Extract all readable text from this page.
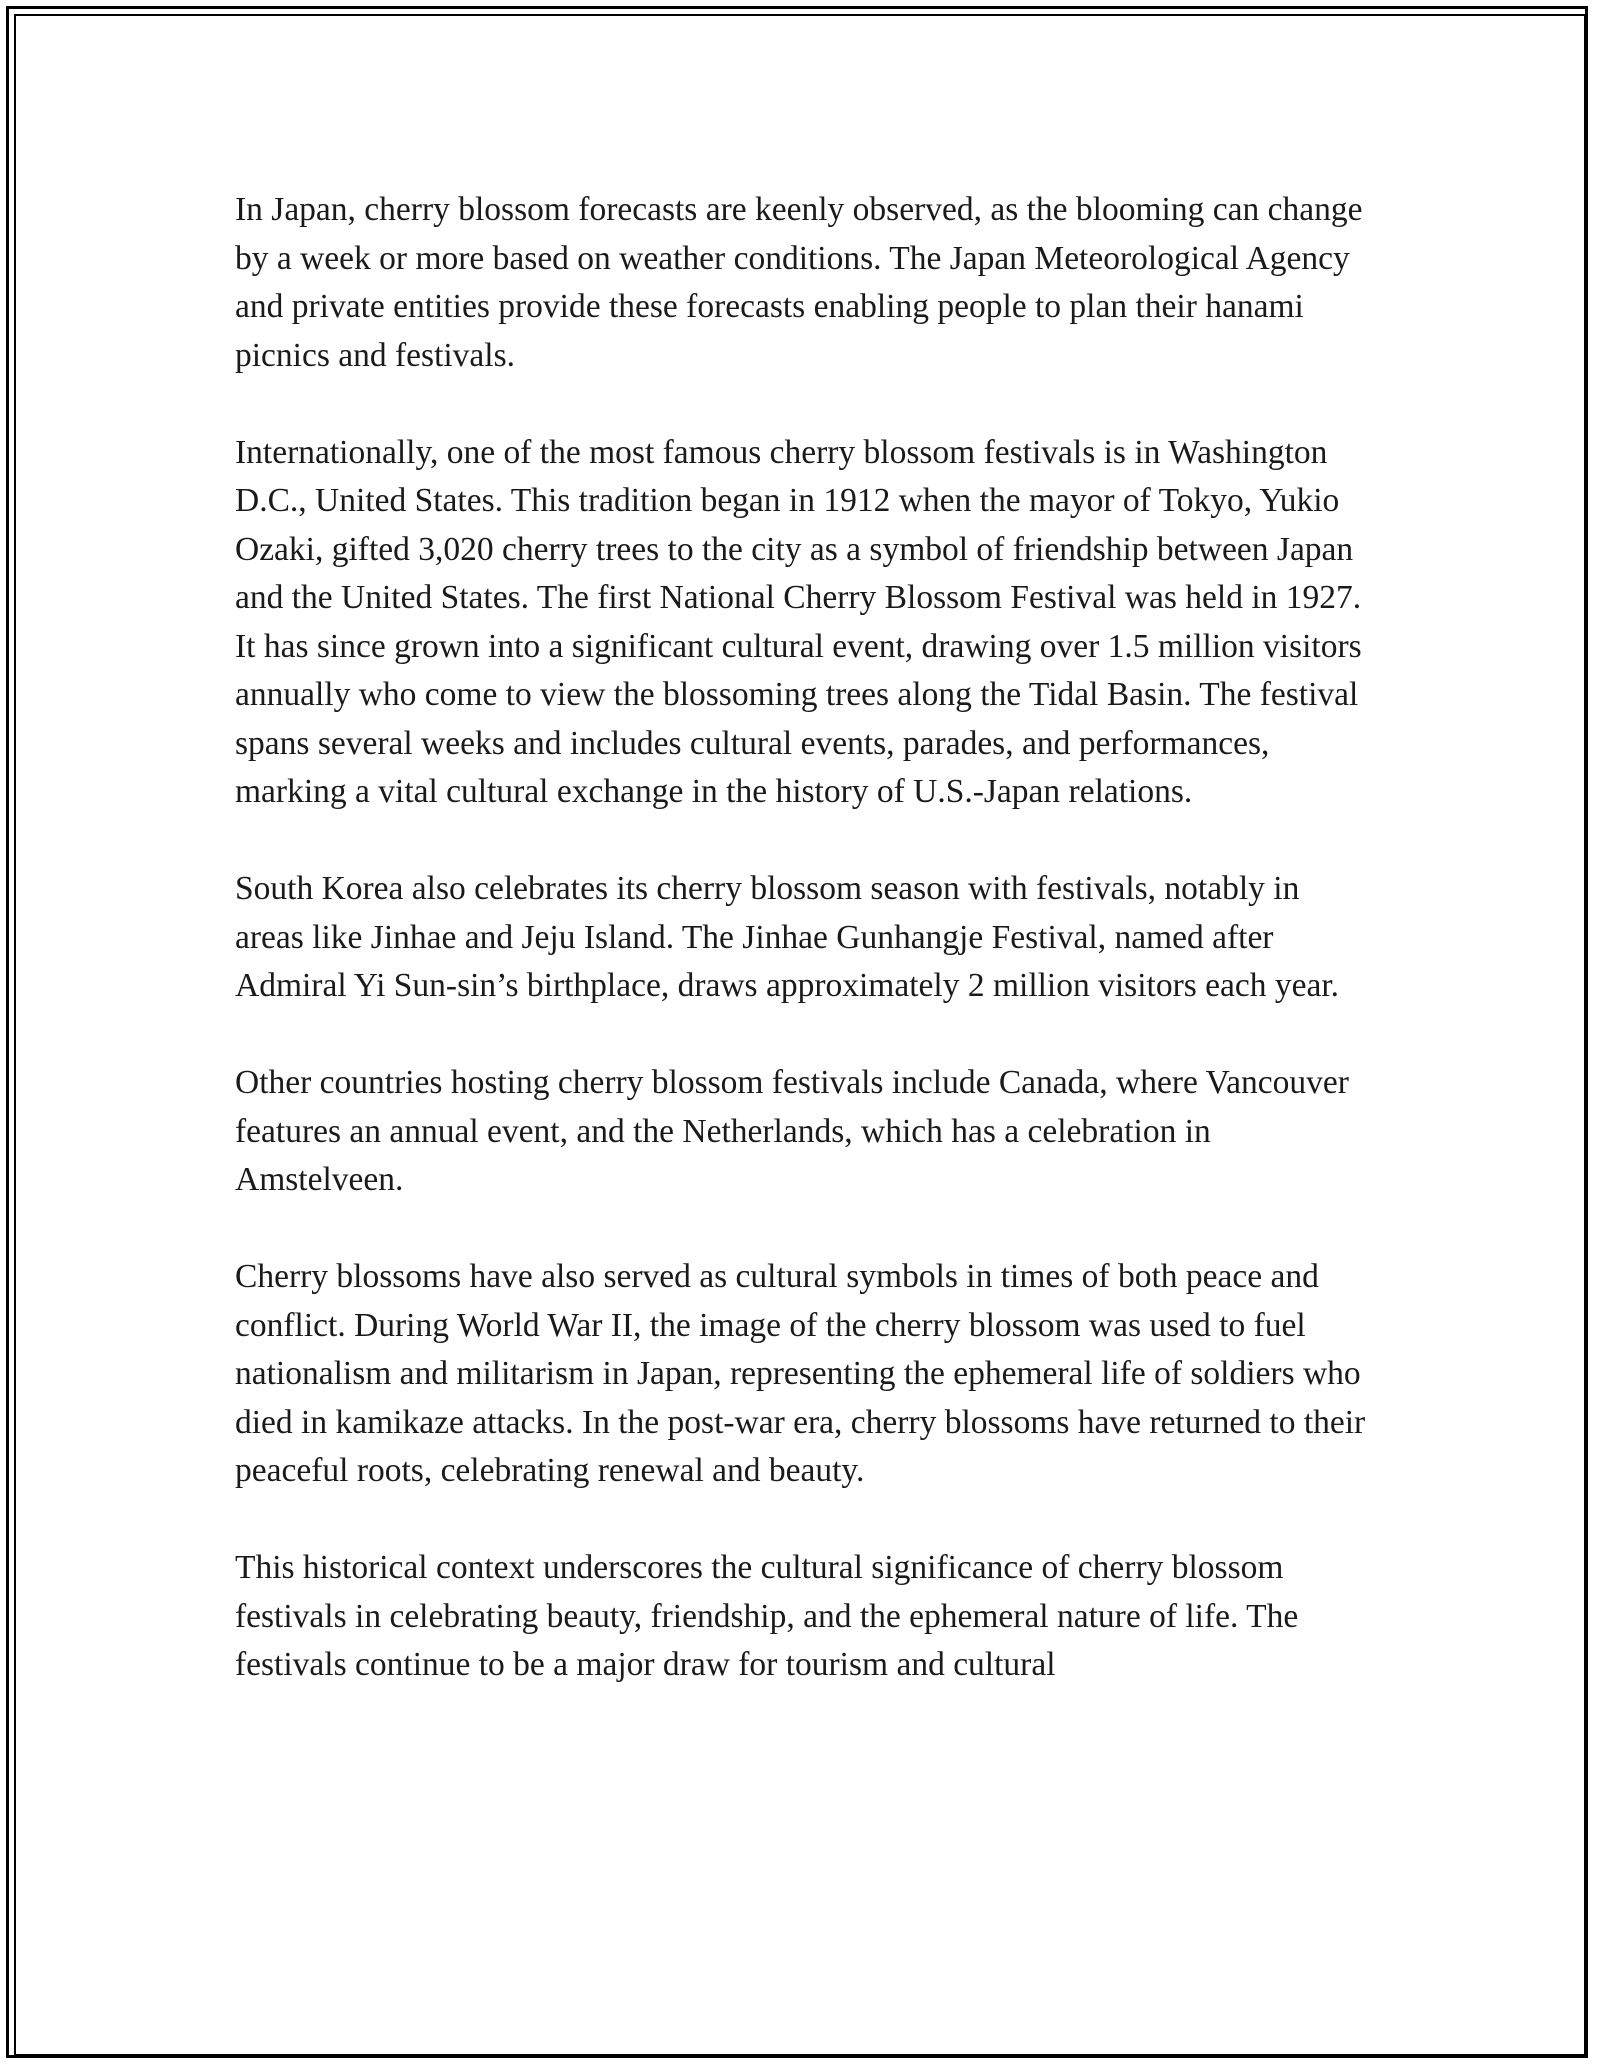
In Japan, cherry blossom forecasts are keenly observed, as the blooming can change by a week or more based on weather conditions. The Japan Meteorological Agency and private entities provide these forecasts enabling people to plan their hanami picnics and festivals.

Internationally, one of the most famous cherry blossom festivals is in Washington D.C., United States. This tradition began in 1912 when the mayor of Tokyo, Yukio Ozaki, gifted 3,020 cherry trees to the city as a symbol of friendship between Japan and the United States. The first National Cherry Blossom Festival was held in 1927. It has since grown into a significant cultural event, drawing over 1.5 million visitors annually who come to view the blossoming trees along the Tidal Basin. The festival spans several weeks and includes cultural events, parades, and performances, marking a vital cultural exchange in the history of U.S.-Japan relations.

South Korea also celebrates its cherry blossom season with festivals, notably in areas like Jinhae and Jeju Island. The Jinhae Gunhangje Festival, named after Admiral Yi Sun-sin’s birthplace, draws approximately 2 million visitors each year.

Other countries hosting cherry blossom festivals include Canada, where Vancouver features an annual event, and the Netherlands, which has a celebration in Amstelveen.

Cherry blossoms have also served as cultural symbols in times of both peace and conflict. During World War II, the image of the cherry blossom was used to fuel nationalism and militarism in Japan, representing the ephemeral life of soldiers who died in kamikaze attacks. In the post-war era, cherry blossoms have returned to their peaceful roots, celebrating renewal and beauty.

This historical context underscores the cultural significance of cherry blossom festivals in celebrating beauty, friendship, and the ephemeral nature of life. The festivals continue to be a major draw for tourism and cultural
